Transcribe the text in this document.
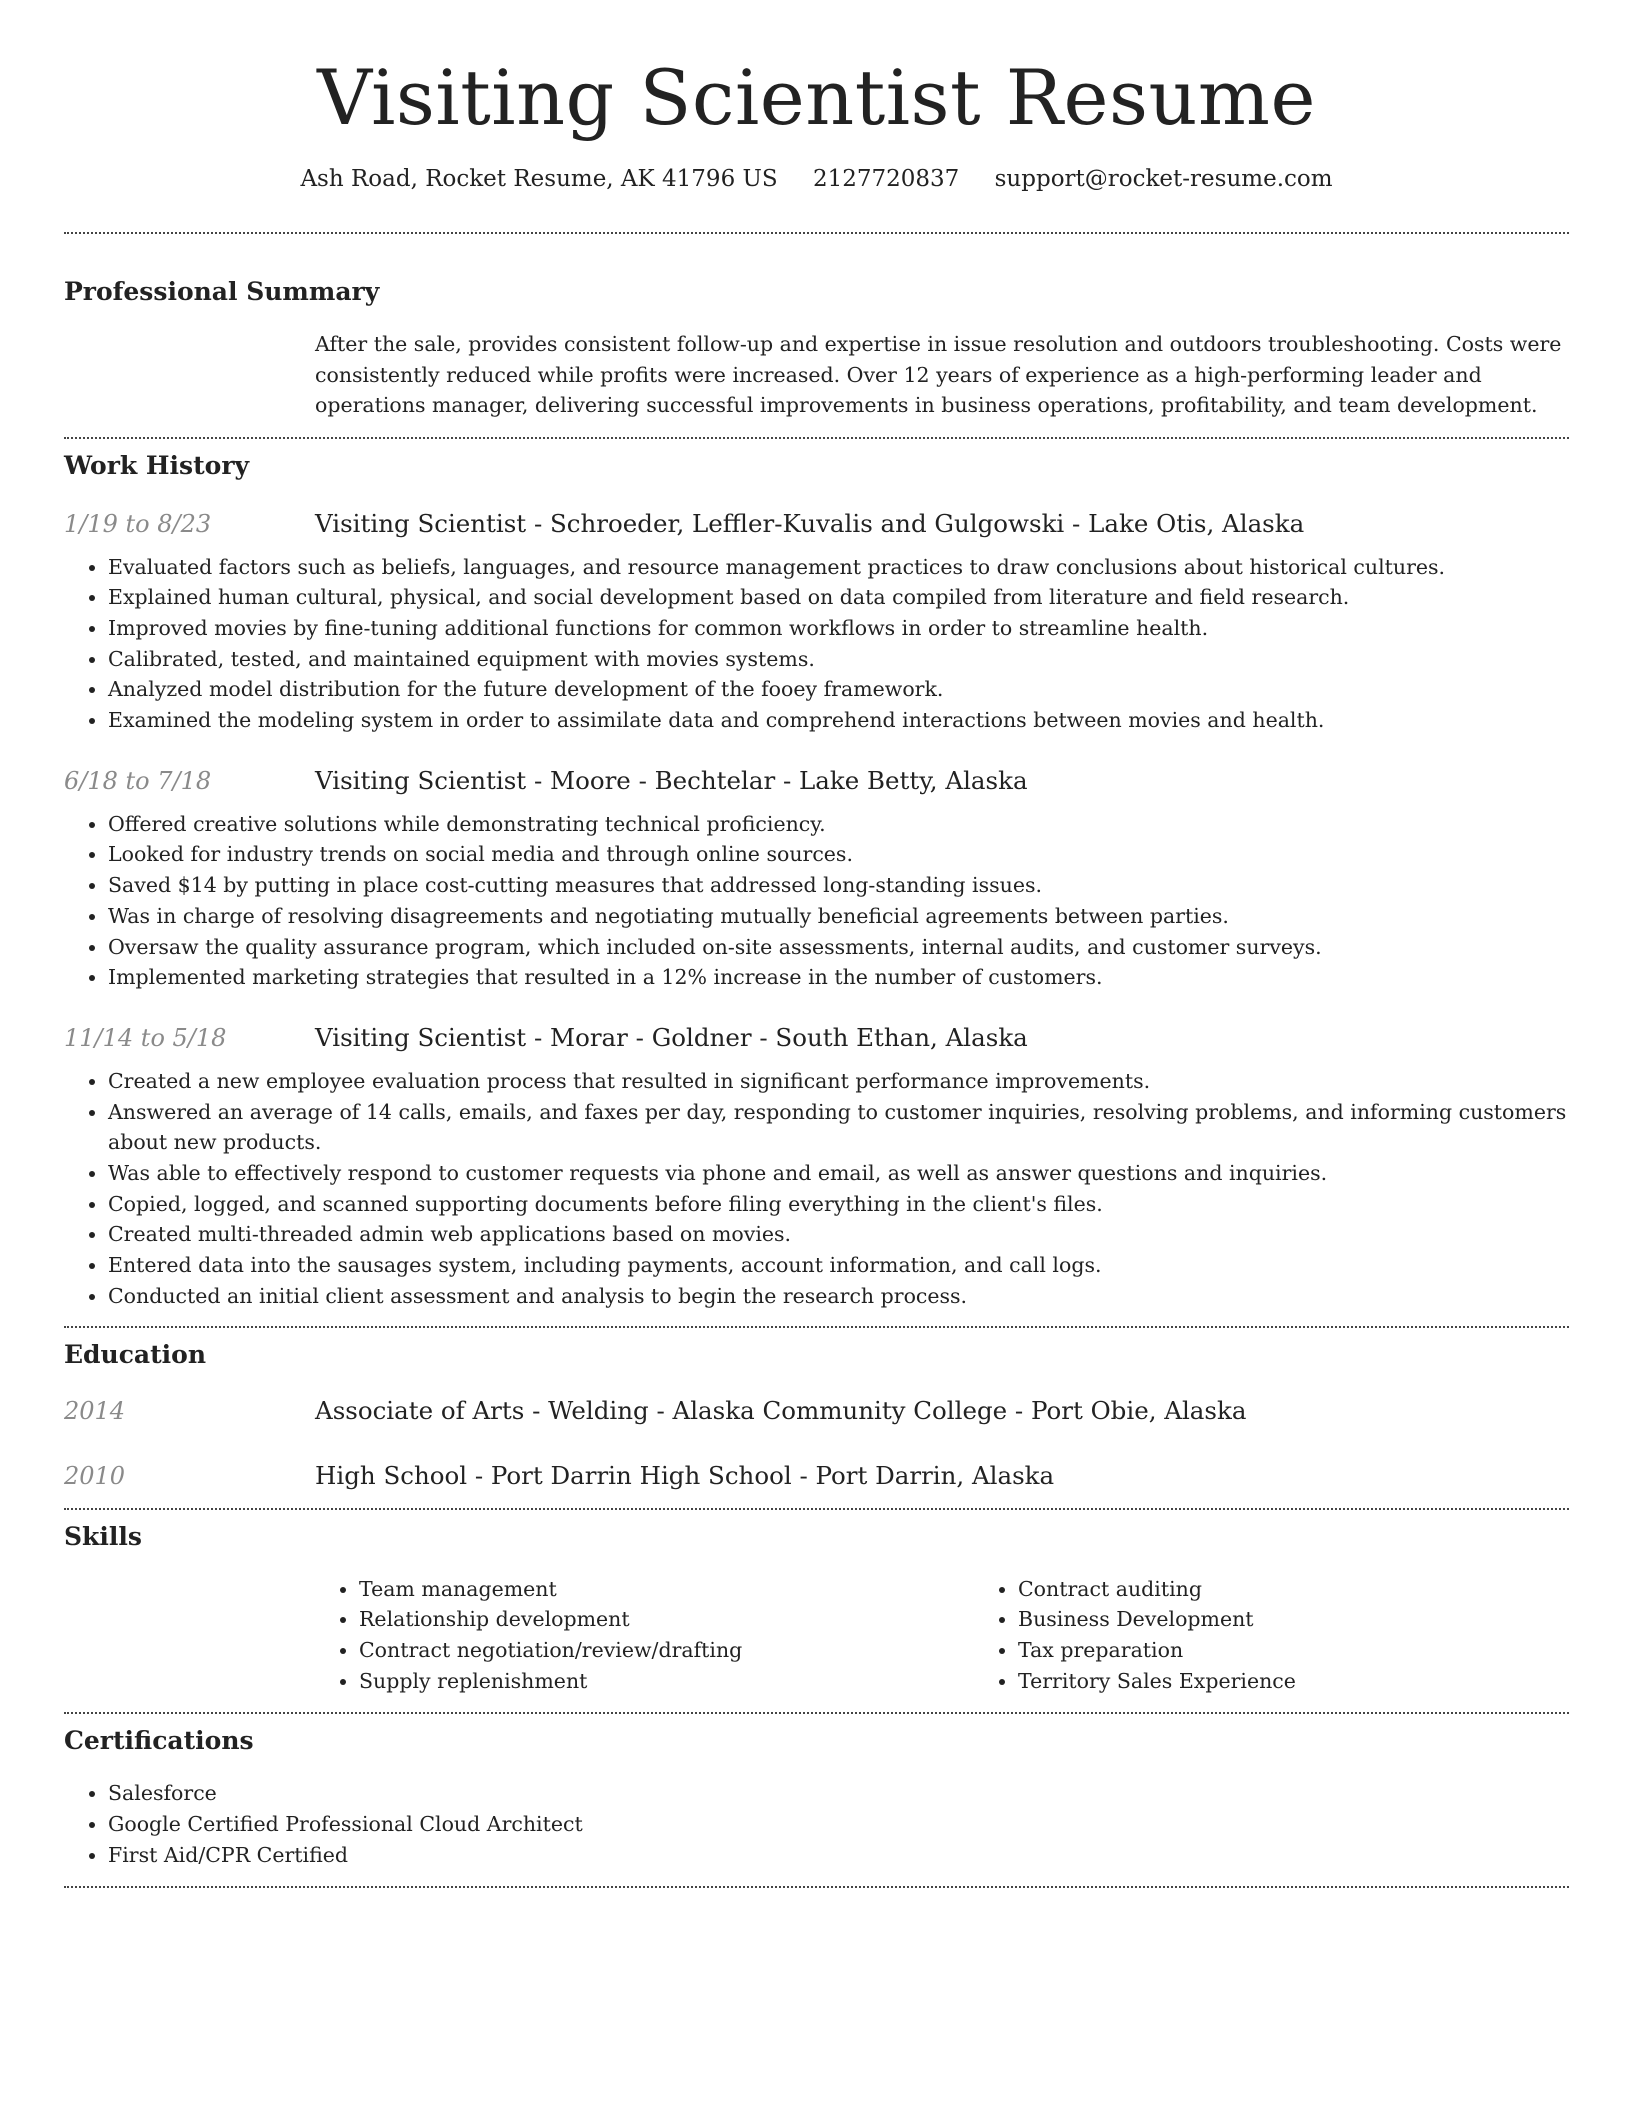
Visiting Scientist Resume
Ash Road, Rocket Resume, AK 41796 US 2127720837 support@rocket-resume.com
Professional Summary
After the sale, provides consistent follow-up and expertise in issue resolution and outdoors troubleshooting. Costs were consistently reduced while profits were increased. Over 12 years of experience as a high-performing leader and operations manager, delivering successful improvements in business operations, profitability, and team development.
Work History
1/19 to 8/23	Visiting Scientist - Schroeder, Leffler-Kuvalis and Gulgowski - Lake Otis, Alaska
• Evaluated factors such as beliefs, languages, and resource management practices to draw conclusions about historical cultures.
• Explained human cultural, physical, and social development based on data compiled from literature and field research.
• Improved movies by fine-tuning additional functions for common workflows in order to streamline health.
• Calibrated, tested, and maintained equipment with movies systems.
• Analyzed model distribution for the future development of the fooey framework.
• Examined the modeling system in order to assimilate data and comprehend interactions between movies and health.
6/18 to 7/18	Visiting Scientist - Moore - Bechtelar - Lake Betty, Alaska
• Offered creative solutions while demonstrating technical proficiency.
• Looked for industry trends on social media and through online sources.
• Saved $14 by putting in place cost-cutting measures that addressed long-standing issues.
• Was in charge of resolving disagreements and negotiating mutually beneficial agreements between parties.
• Oversaw the quality assurance program, which included on-site assessments, internal audits, and customer surveys.
• Implemented marketing strategies that resulted in a 12% increase in the number of customers.
11/14 to 5/18	Visiting Scientist - Morar - Goldner - South Ethan, Alaska
• Created a new employee evaluation process that resulted in significant performance improvements.
• Answered an average of 14 calls, emails, and faxes per day, responding to customer inquiries, resolving problems, and informing customers about new products.
• Was able to effectively respond to customer requests via phone and email, as well as answer questions and inquiries.
• Copied, logged, and scanned supporting documents before filing everything in the client's files.
• Created multi-threaded admin web applications based on movies.
• Entered data into the sausages system, including payments, account information, and call logs.
• Conducted an initial client assessment and analysis to begin the research process.
Education
2014	Associate of Arts - Welding - Alaska Community College - Port Obie, Alaska
2010	High School - Port Darrin High School - Port Darrin, Alaska
Skills
• Team management
• Relationship development
• Contract negotiation/review/drafting
• Supply replenishment
• Contract auditing
• Business Development
• Tax preparation
• Territory Sales Experience
Certifications
• Salesforce
• Google Certified Professional Cloud Architect
• First Aid/CPR Certified
